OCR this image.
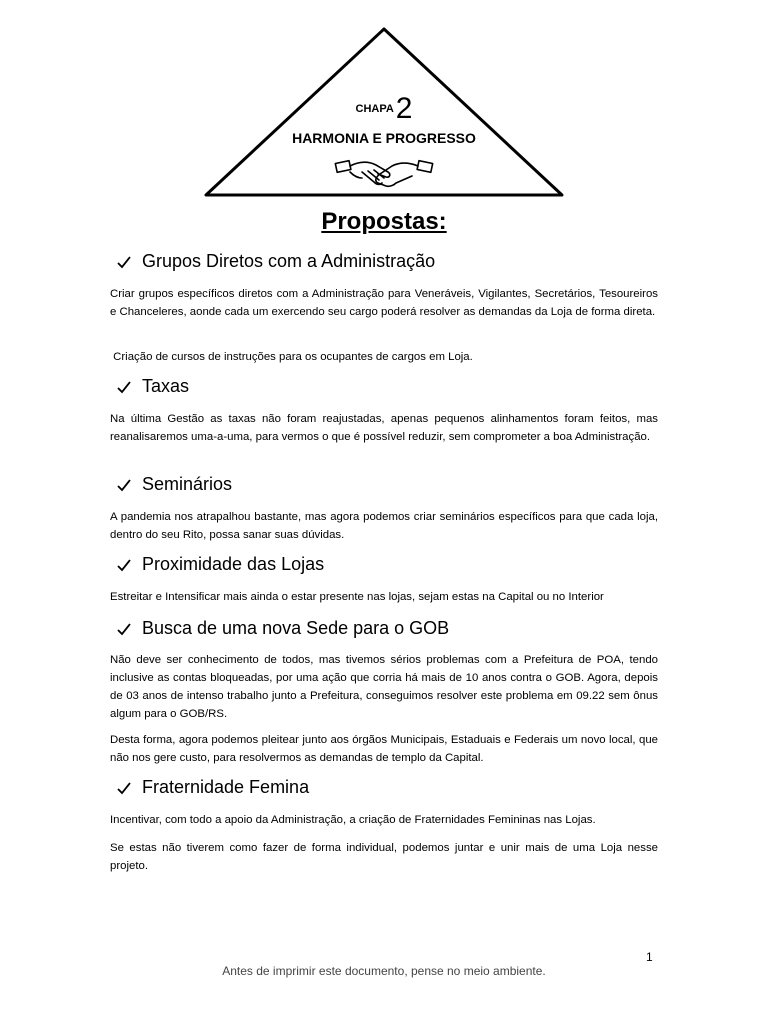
CHAPA2
HARMONIA E PROGRESSO
Propostas:
Grupos Diretos com a Administração
Criar grupos específicos diretos com a Administração para Veneráveis, Vigilantes, Secretários, Tesoureiros e Chanceleres, aonde cada um exercendo seu cargo poderá resolver as demandas da Loja de forma direta.
Criação de cursos de instruções para os ocupantes de cargos em Loja.
Taxas
Na última Gestão as taxas não foram reajustadas, apenas pequenos alinhamentos foram feitos, mas reanalisaremos uma-a-uma, para vermos o que é possível reduzir, sem comprometer a boa Administração.
Seminários
A pandemia nos atrapalhou bastante, mas agora podemos criar seminários específicos para que cada loja, dentro do seu Rito, possa sanar suas dúvidas.
Proximidade das Lojas
Estreitar e Intensificar mais ainda o estar presente nas lojas, sejam estas na Capital ou no Interior
Busca de uma nova Sede para o GOB
Não deve ser conhecimento de todos, mas tivemos sérios problemas com a Prefeitura de POA, tendo inclusive as contas bloqueadas, por uma ação que corria há mais de 10 anos contra o GOB. Agora, depois de 03 anos de intenso trabalho junto a Prefeitura, conseguimos resolver este problema em 09.22 sem ônus algum para o GOB/RS.
Desta forma, agora podemos pleitear junto aos órgãos Municipais, Estaduais e Federais um novo local, que não nos gere custo, para resolvermos as demandas de templo da Capital.
Fraternidade Femina
Incentivar, com todo a apoio da Administração, a criação de Fraternidades Femininas nas Lojas.
Se estas não tiverem como fazer de forma individual, podemos juntar e unir mais de uma Loja nesse projeto.
1
Antes de imprimir este documento, pense no meio ambiente.
